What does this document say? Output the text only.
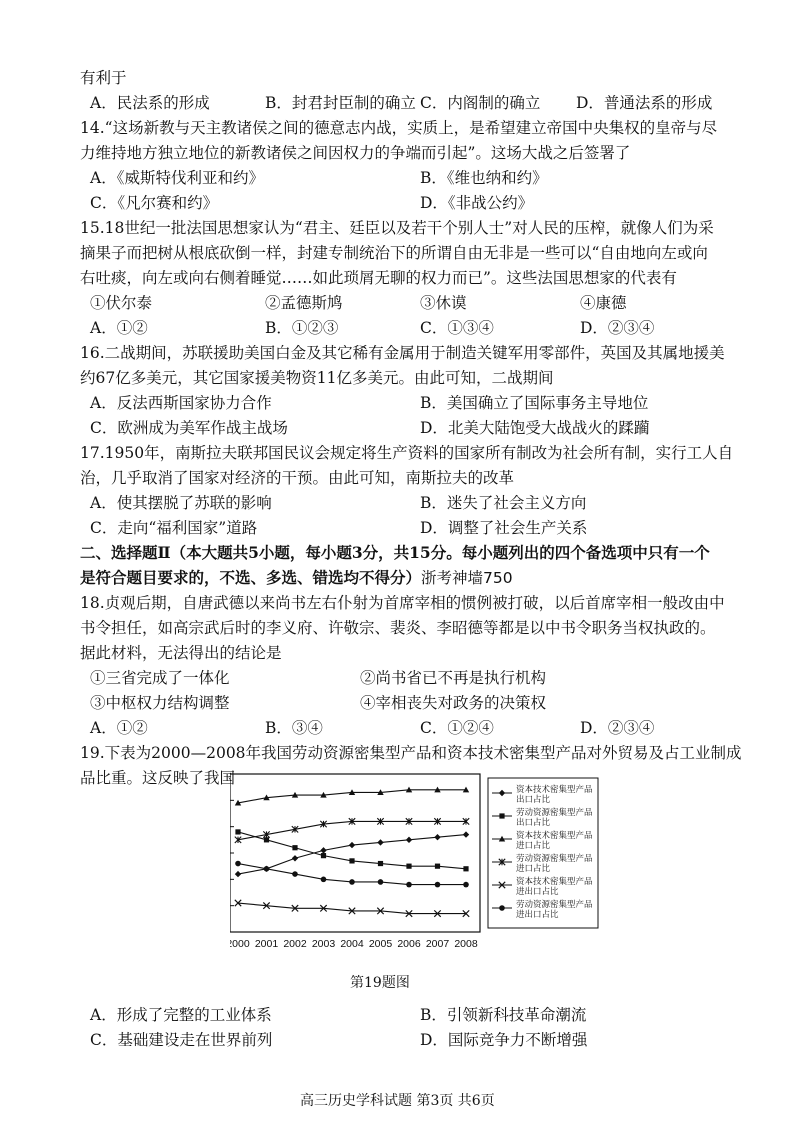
有利于
A．民法系的形成	B．封君封臣制的确立 C．内阁制的确立 D．普通法系的形成
14.“这场新教与天主教诸侯之间的德意志内战，实质上，是希望建立帝国中央集权的皇帝与尽
力维持地方独立地位的新教诸侯之间因权力的争端而引起”。这场大战之后签署了
A．《威斯特伐利亚和约》	B．《维也纳和约》
C．《凡尔赛和约》	D．《非战公约》
15.18世纪一批法国思想家认为“君主、廷臣以及若干个别人士”对人民的压榨，就像人们为采
摘果子而把树从根底砍倒一样，封建专制统治下的所谓自由无非是一些可以“自由地向左或向
右吐痰，向左或向右侧着睡觉……如此琐屑无聊的权力而已”。这些法国思想家的代表有
①伏尔泰	②孟德斯鸠	③休谟	④康德
A．①②	B．①②③	C．①③④	D．②③④
16.二战期间，苏联援助美国白金及其它稀有金属用于制造关键军用零部件，英国及其属地援美
约67亿多美元，其它国家援美物资11亿多美元。由此可知，二战期间
A．反法西斯国家协力合作	B．美国确立了国际事务主导地位
C．欧洲成为美军作战主战场	D．北美大陆饱受大战战火的蹂躏
17.1950年，南斯拉夫联邦国民议会规定将生产资料的国家所有制改为社会所有制，实行工人自
治，几乎取消了国家对经济的干预。由此可知，南斯拉夫的改革
A．使其摆脱了苏联的影响	B．迷失了社会主义方向
C．走向“福利国家”道路	D．调整了社会生产关系
二、选择题Ⅱ（本大题共5小题，每小题3分，共15分。每小题列出的四个备选项中只有一个
是符合题目要求的，不选、多选、错选均不得分）浙考神墙750
18.贞观后期，自唐武德以来尚书左右仆射为首席宰相的惯例被打破，以后首席宰相一般改由中
书令担任，如高宗武后时的李义府、许敬宗、裴炎、李昭德等都是以中书令职务当权执政的。
据此材料，无法得出的结论是
①三省完成了一体化	②尚书省已不再是执行机构
③中枢权力结构调整	④宰相丧失对政务的决策权
A．①②	B．③④	C．①②④	D．②③④
19.下表为2000—2008年我国劳动资源密集型产品和资本技术密集型产品对外贸易及占工业制成
品比重。这反映了我国
000 2001 2002 2003 2004 2005 2006 2007 2008
资本技术密集型产品
出口占比
劳动资源密集型产品
出口占比
资本技术密集型产品
进口占比
劳动资源密集型产品
进口占比
资本技术密集型产品
进出口占比
劳动资源密集型产品
进出口占比
第19题图
A．形成了完整的工业体系	B．引领新科技革命潮流
C．基础建设走在世界前列	D．国际竞争力不断增强
高三历史学科试题 第3页 共6页
